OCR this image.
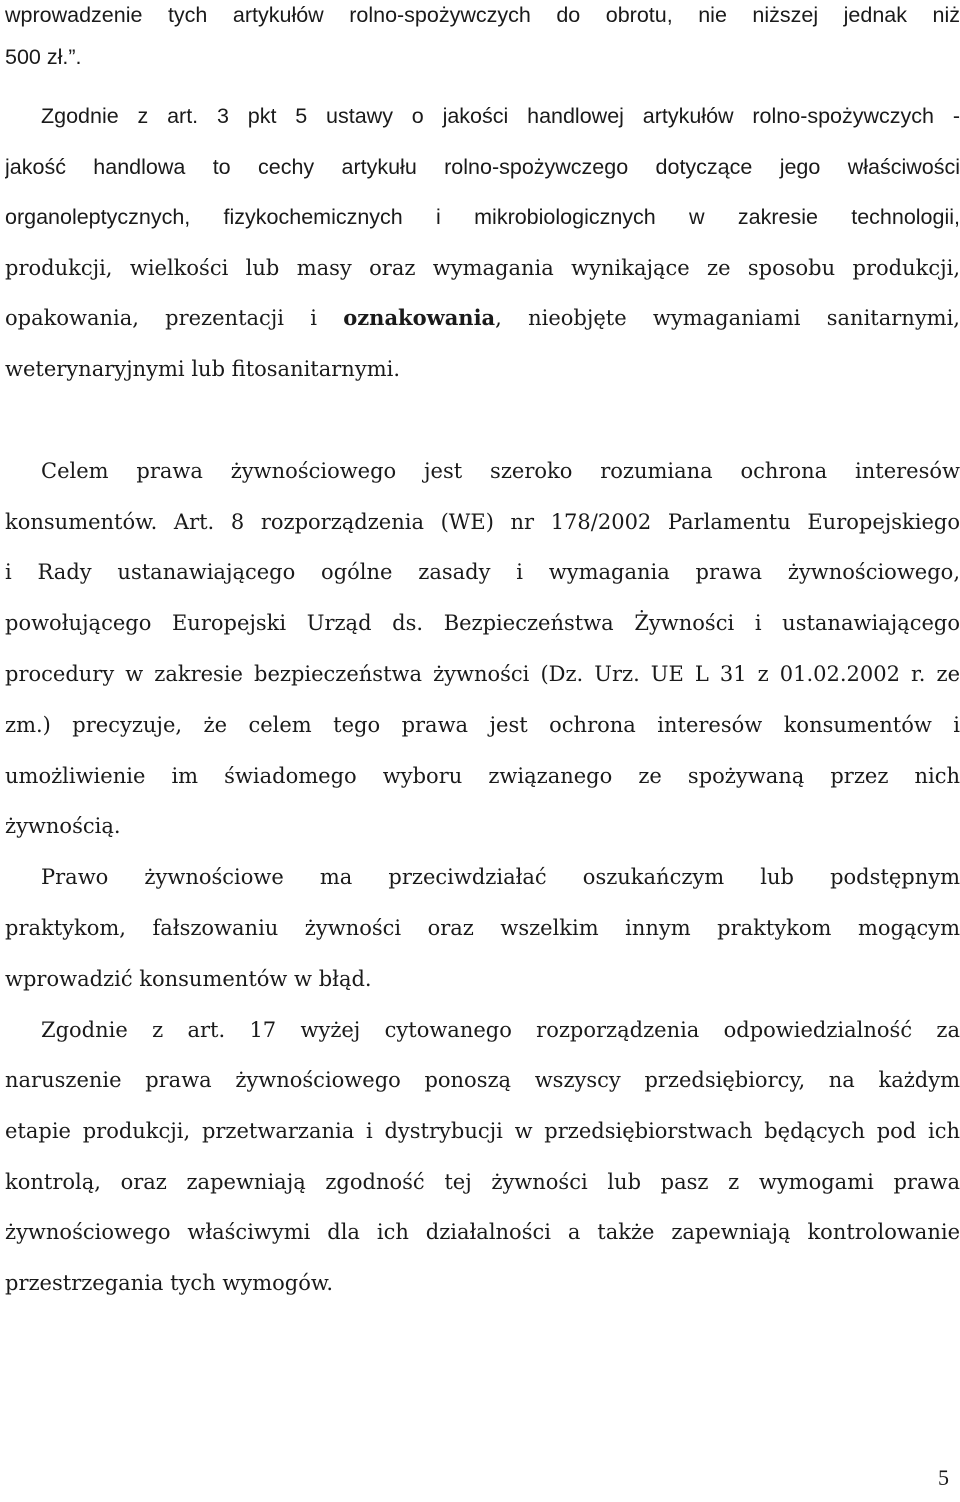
wprowadzenie tych artykułów rolno-spożywczych do obrotu, nie niższej jednak niż
500 zł.”.
Zgodnie z art. 3 pkt 5 ustawy o jakości handlowej artykułów rolno-spożywczych -
jakość handlowa to cechy artykułu rolno-spożywczego dotyczące jego właściwości
organoleptycznych, fizykochemicznych i mikrobiologicznych w zakresie technologii,
produkcji, wielkości lub masy oraz wymagania wynikające ze sposobu produkcji,
opakowania, prezentacji i oznakowania, nieobjęte wymaganiami sanitarnymi,
weterynaryjnymi lub fitosanitarnymi.
Celem prawa żywnościowego jest szeroko rozumiana ochrona interesów
konsumentów. Art. 8 rozporządzenia (WE) nr 178/2002 Parlamentu Europejskiego
i Rady ustanawiającego ogólne zasady i wymagania prawa żywnościowego,
powołującego Europejski Urząd ds. Bezpieczeństwa Żywności i ustanawiającego
procedury w zakresie bezpieczeństwa żywności (Dz. Urz. UE L 31 z 01.02.2002 r. ze
zm.) precyzuje, że celem tego prawa jest ochrona interesów konsumentów i
umożliwienie im świadomego wyboru związanego ze spożywaną przez nich
żywnością.
Prawo żywnościowe ma przeciwdziałać oszukańczym lub podstępnym
praktykom, fałszowaniu żywności oraz wszelkim innym praktykom mogącym
wprowadzić konsumentów w błąd.
Zgodnie z art. 17 wyżej cytowanego rozporządzenia odpowiedzialność za
naruszenie prawa żywnościowego ponoszą wszyscy przedsiębiorcy, na każdym
etapie produkcji, przetwarzania i dystrybucji w przedsiębiorstwach będących pod ich
kontrolą, oraz zapewniają zgodność tej żywności lub pasz z wymogami prawa
żywnościowego właściwymi dla ich działalności a także zapewniają kontrolowanie
przestrzegania tych wymogów.
5
